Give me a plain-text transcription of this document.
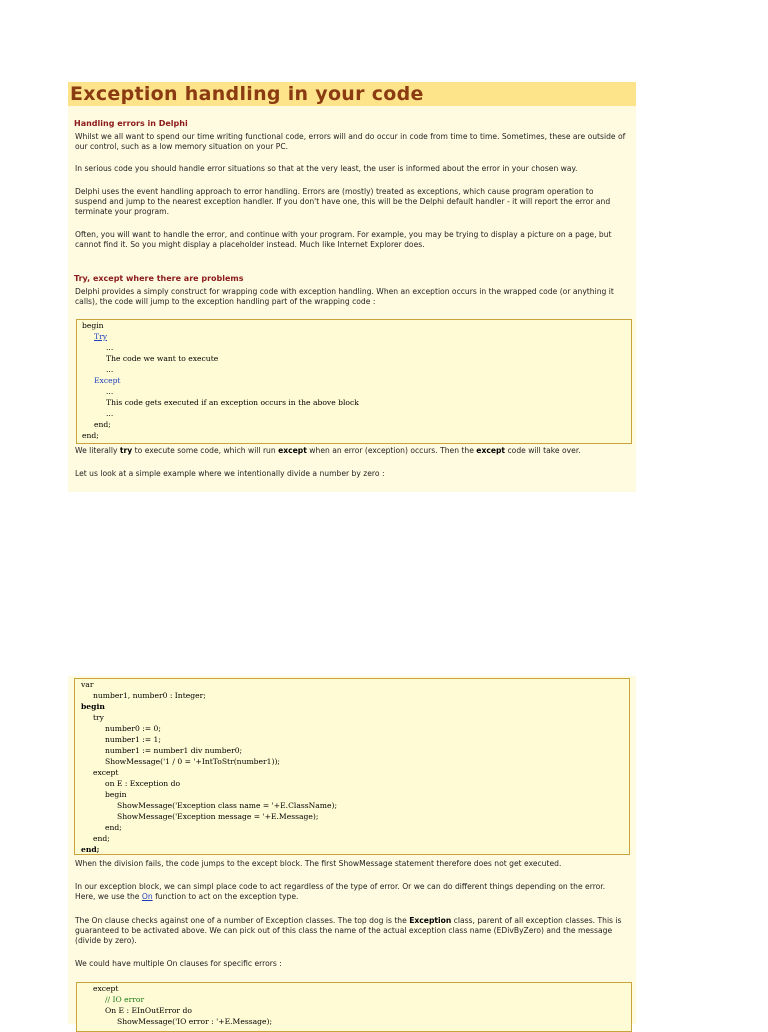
Exception handling in your code
Handling errors in Delphi

Whilst we all want to spend our time writing functional code, errors will and do occur in code from time to time. Sometimes, these are outside of our control, such as a low memory situation on your PC.

In serious code you should handle error situations so that at the very least, the user is informed about the error in your chosen way.

Delphi uses the event handling approach to error handling. Errors are (mostly) treated as exceptions, which cause program operation to suspend and jump to the nearest exception handler. If you don't have one, this will be the Delphi default handler - it will report the error and terminate your program.

Often, you will want to handle the error, and continue with your program. For example, you may be trying to display a picture on a page, but cannot find it. So you might display a placeholder instead. Much like Internet Explorer does.

Try, except where there are problems

Delphi provides a simply construct for wrapping code with exception handling. When an exception occurs in the wrapped code (or anything it calls), the code will jump to the exception handling part of the wrapping code :

begin
Try
...
The code we want to execute
...
Except
...
This code gets executed if an exception occurs in the above block
...
end;
end;

We literally try to execute some code, which will run except when an error (exception) occurs. Then the except code will take over.

Let us look at a simple example where we intentionally divide a number by zero :

var
number1, number0 : Integer;
begin
try
number0 := 0;
number1 := 1;
number1 := number1 div number0;
ShowMessage('1 / 0 = '+IntToStr(number1));
except
on E : Exception do
begin
ShowMessage('Exception class name = '+E.ClassName);
ShowMessage('Exception message = '+E.Message);
end;
end;
end;

When the division fails, the code jumps to the except block. The first ShowMessage statement therefore does not get executed.

In our exception block, we can simpl place code to act regardless of the type of error. Or we can do different things depending on the error. Here, we use the On function to act on the exception type.

The On clause checks against one of a number of Exception classes. The top dog is the Exception class, parent of all exception classes. This is guaranteed to be activated above. We can pick out of this class the name of the actual exception class name (EDivByZero) and the message (divide by zero).

We could have multiple On clauses for specific errors :

except
// IO error
On E : EInOutError do
ShowMessage('IO error : '+E.Message);
